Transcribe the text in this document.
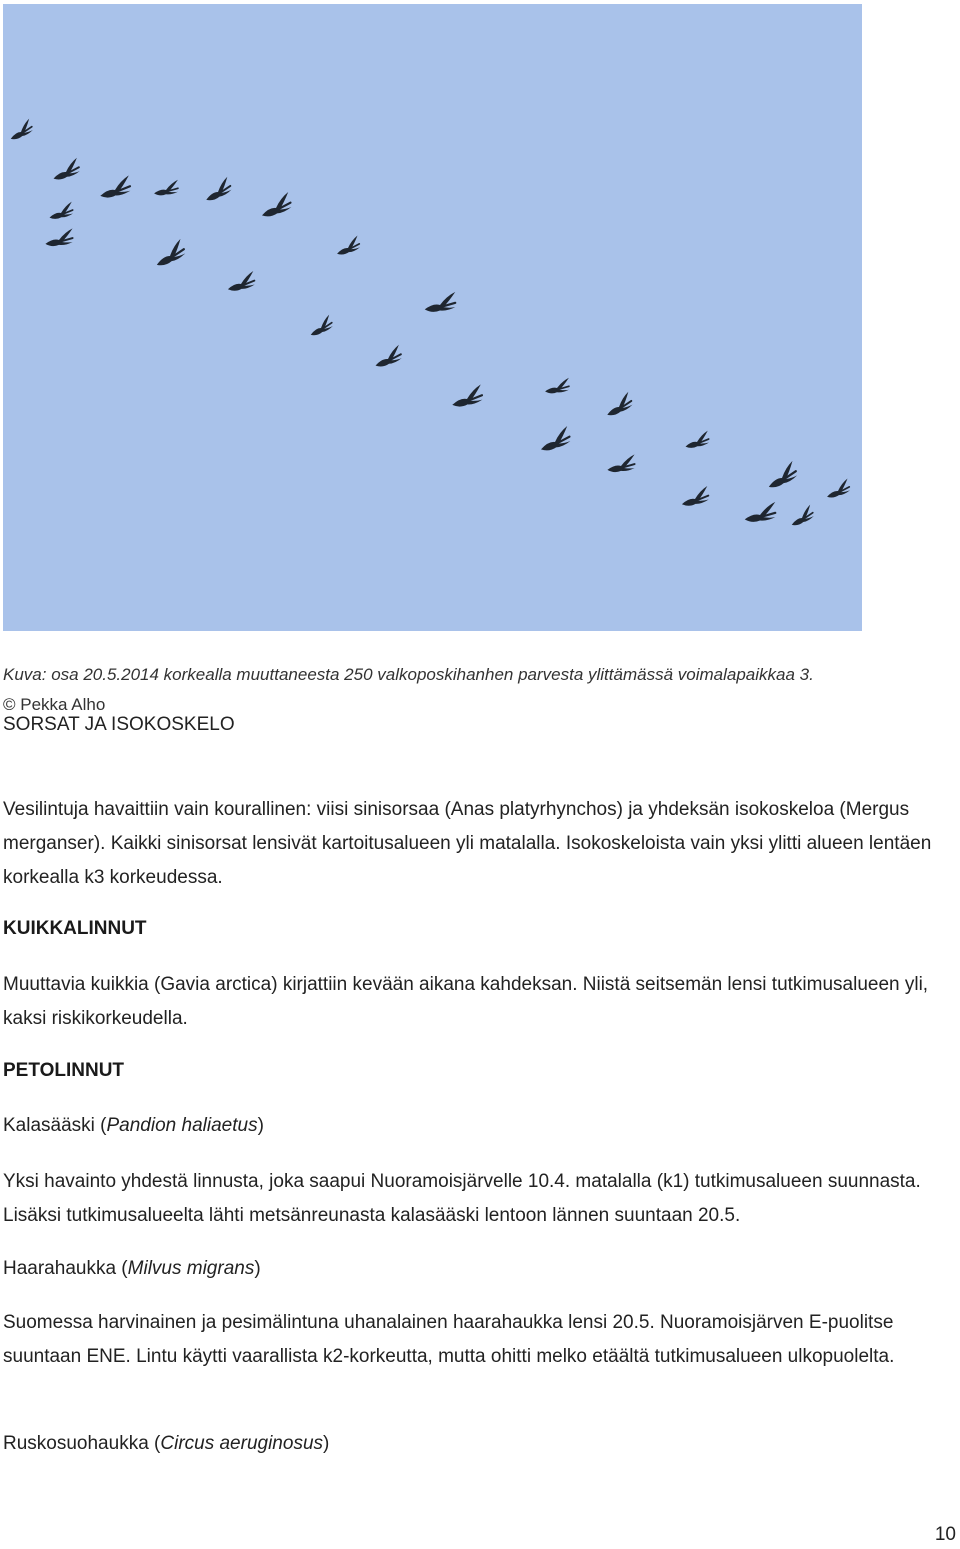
Kuva: osa 20.5.2014 korkealla muuttaneesta 250 valkoposkihanhen parvesta ylittämässä voimalapaikkaa 3.
© Pekka Alho
SORSAT JA ISOKOSKELO
Vesilintuja havaittiin vain kourallinen: viisi sinisorsaa (Anas platyrhynchos) ja yhdeksän isokoskeloa (Mergus merganser). Kaikki sinisorsat lensivät kartoitusalueen yli matalalla. Isokoskeloista vain yksi ylitti alueen lentäen korkealla k3 korkeudessa.
KUIKKALINNUT
Muuttavia kuikkia (Gavia arctica) kirjattiin kevään aikana kahdeksan. Niistä seitsemän lensi tutkimusalueen yli, kaksi riskikorkeudella.
PETOLINNUT
Kalasääski (Pandion haliaetus)
Yksi havainto yhdestä linnusta, joka saapui Nuoramoisjärvelle 10.4. matalalla (k1) tutkimusalueen suunnasta. Lisäksi tutkimusalueelta lähti metsänreunasta kalasääski lentoon lännen suuntaan 20.5.
Haarahaukka (Milvus migrans)
Suomessa harvinainen ja pesimälintuna uhanalainen haarahaukka lensi 20.5. Nuoramoisjärven E-puolitse suuntaan ENE. Lintu käytti vaarallista k2-korkeutta, mutta ohitti melko etäältä tutkimusalueen ulkopuolelta.
Ruskosuohaukka (Circus aeruginosus)
10
